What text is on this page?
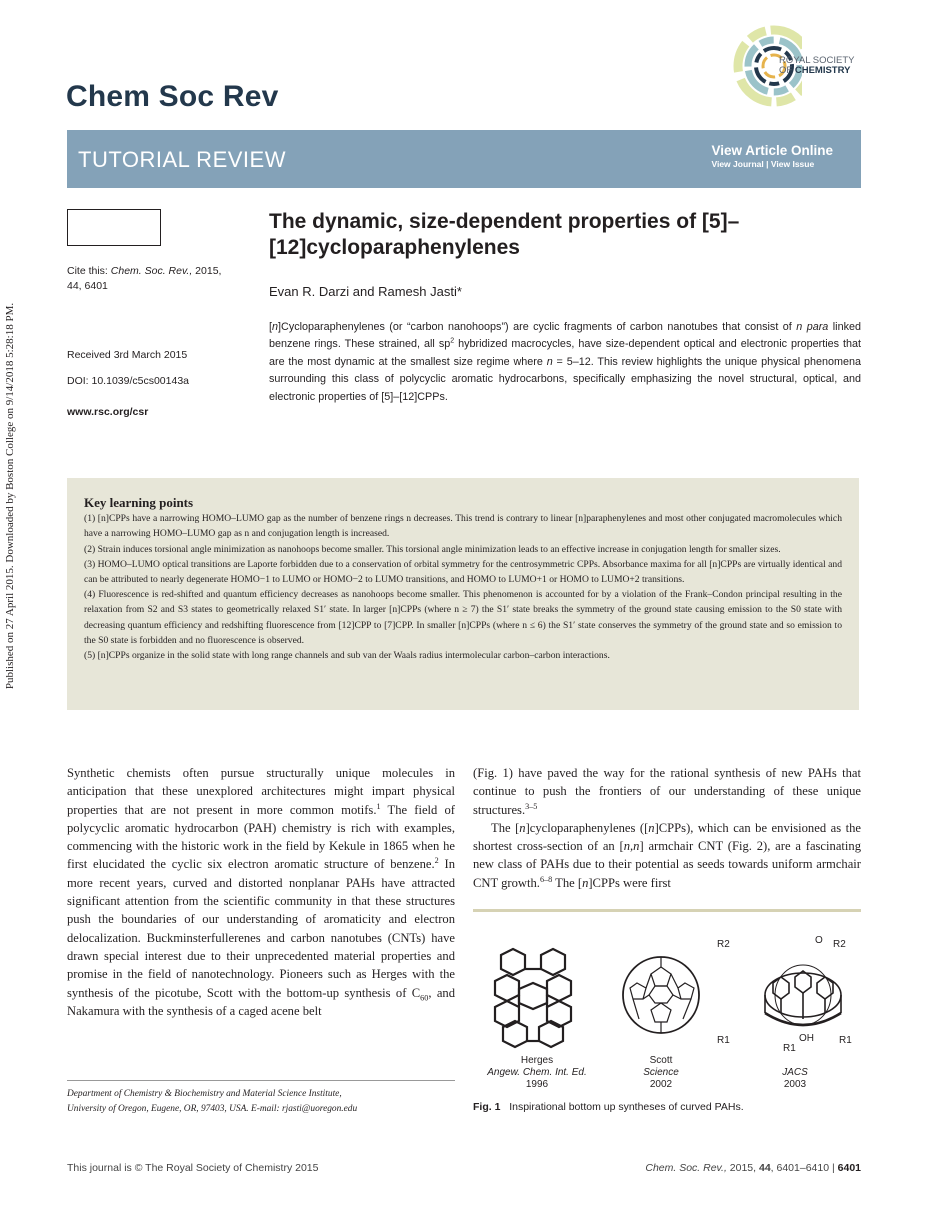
Published on 27 April 2015. Downloaded by Boston College on 9/14/2018 5:28:18 PM.
Chem Soc Rev
ROYAL SOCIETY
OF CHEMISTRY
TUTORIAL REVIEW	View Article Online
View Journal | View Issue
Cite this: Chem. Soc. Rev., 2015,
44, 6401
Received 3rd March 2015
DOI: 10.1039/c5cs00143a
www.rsc.org/csr
The dynamic, size-dependent properties of [5]–[12]cycloparaphenylenes
Evan R. Darzi and Ramesh Jasti*
[n]Cycloparaphenylenes (or “carbon nanohoops”) are cyclic fragments of carbon nanotubes that consist of n para linked benzene rings. These strained, all $sp^2$ hybridized macrocycles, have size-dependent optical and electronic properties that are the most dynamic at the smallest size regime where n = 5–12. This review highlights the unique physical phenomena surrounding this class of polycyclic aromatic hydrocarbons, specifically emphasizing the novel structural, optical, and electronic properties of [5]–[12]CPPs.
Key learning points
(1) [n]CPPs have a narrowing HOMO–LUMO gap as the number of benzene rings n decreases. This trend is contrary to linear [n]paraphenylenes and most other conjugated macromolecules which have a narrowing HOMO–LUMO gap as n and conjugation length is increased.
(2) Strain induces torsional angle minimization as nanohoops become smaller. This torsional angle minimization leads to an effective increase in conjugation length for smaller sizes.
(3) HOMO–LUMO optical transitions are Laporte forbidden due to a conservation of orbital symmetry for the centrosymmetric CPPs. Absorbance maxima for all [n]CPPs are virtually identical and can be attributed to nearly degenerate HOMO−1 to LUMO or HOMO−2 to LUMO transitions, and HOMO to LUMO+1 or HOMO to LUMO+2 transitions.
(4) Fluorescence is red-shifted and quantum efficiency decreases as nanohoops become smaller. This phenomenon is accounted for by a violation of the Frank–Condon principal resulting in the relaxation from S2 and S3 states to geometrically relaxed S1′ state. In larger [n]CPPs (where n ≥ 7) the S1′ state breaks the symmetry of the ground state causing emission to the S0 state with decreasing quantum efficiency and redshifting fluorescence from [12]CPP to [7]CPP. In smaller [n]CPPs (where n ≤ 6) the S1′ state conserves the symmetry of the ground state and so emission to the S0 state is forbidden and no fluorescence is observed.
(5) [n]CPPs organize in the solid state with long range channels and sub van der Waals radius intermolecular carbon–carbon interactions.
Synthetic chemists often pursue structurally unique molecules in anticipation that these unexplored architectures might impart physical properties that are not present in more common motifs.$^1$ The field of polycyclic aromatic hydrocarbon (PAH) chemistry is rich with examples, commencing with the historic work in the field by Kekule in 1865 when he first elucidated the cyclic six electron aromatic structure of benzene.$^2$ In more recent years, curved and distorted nonplanar PAHs have attracted significant attention from the scientific community in that these structures push the boundaries of our understanding of aromaticity and electron delocalization. Buckminsterfullerenes and carbon nanotubes (CNTs) have drawn special interest due to their unprecedented material properties and promise in the field of nanotechnology. Pioneers such as Herges with the synthesis of the picotube, Scott with the bottom-up synthesis of $C_{60}$, and Nakamura with the synthesis of a caged acene belt
(Fig. 1) have paved the way for the rational synthesis of new PAHs that continue to push the frontiers of our understanding of these unique structures.$^{3-5}$
The [n]cycloparaphenylenes ([n]CPPs), which can be envisioned as the shortest cross-section of an [n,n] armchair CNT (Fig. 2), are a fascinating new class of PAHs due to their potential as seeds towards uniform armchair CNT growth.$^{6-8}$ The [n]CPPs were first
R2	R2
O
R1
R1
R1
OH
Herges
Angew. Chem. Int. Ed.
1996
Scott
Science
2002
JACS
2003
Fig. 1 Inspirational bottom up syntheses of curved PAHs.
Department of Chemistry & Biochemistry and Material Science Institute,
University of Oregon, Eugene, OR, 97403, USA. E-mail: rjasti@uoregon.edu
This journal is © The Royal Society of Chemistry 2015	Chem. Soc. Rev., 2015, 44, 6401–6410 | 6401
